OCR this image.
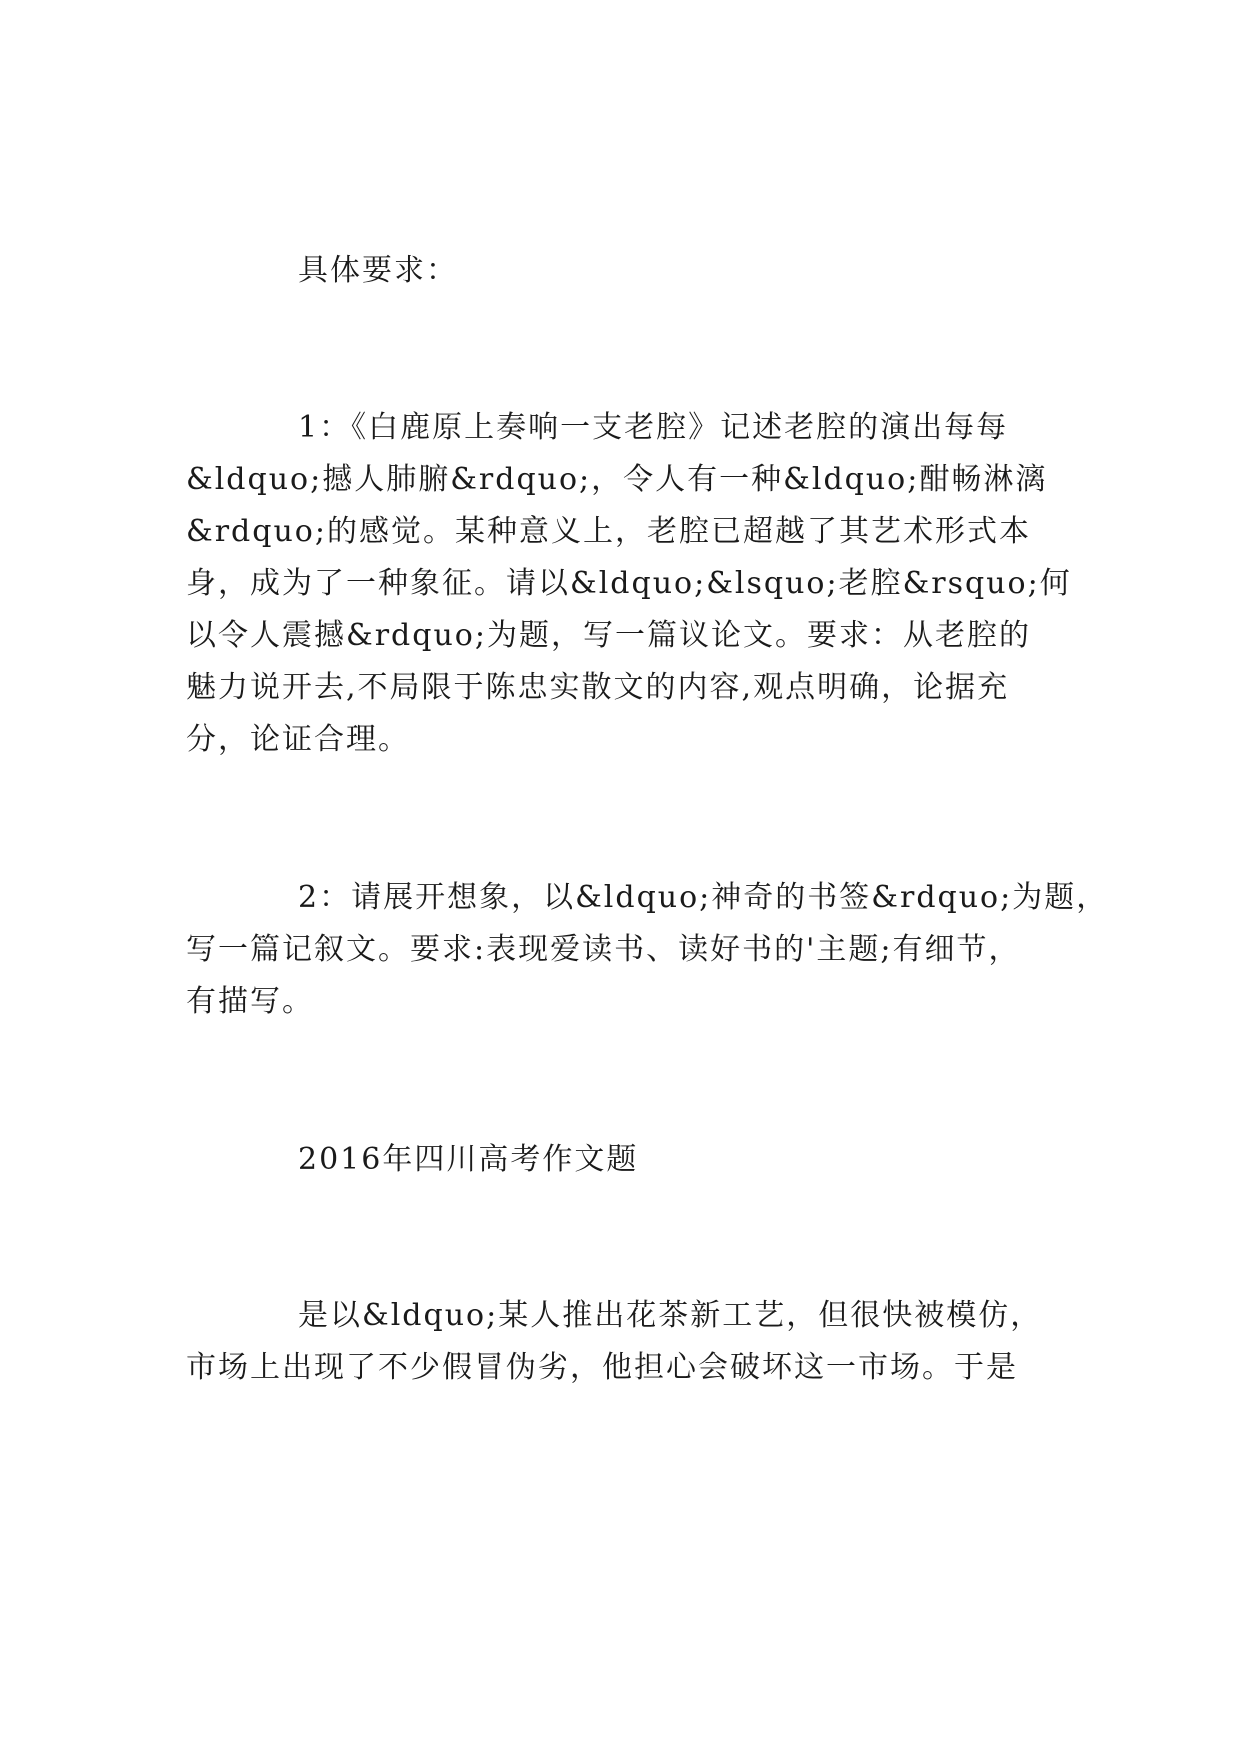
具体要求：
1：《白鹿原上奏响一支老腔》记述老腔的演出每每
&ldquo;撼人肺腑&rdquo;，令人有一种&ldquo;酣畅淋漓
&rdquo;的感觉。某种意义上，老腔已超越了其艺术形式本
身，成为了一种象征。请以&ldquo;&lsquo;老腔&rsquo;何
以令人震撼&rdquo;为题，写一篇议论文。要求：从老腔的
魅力说开去,不局限于陈忠实散文的内容,观点明确，论据充
分，论证合理。
2：请展开想象，以&ldquo;神奇的书签&rdquo;为题，
写一篇记叙文。要求:表现爱读书、读好书的'主题;有细节，
有描写。
2016年四川高考作文题
是以&ldquo;某人推出花茶新工艺，但很快被模仿，
市场上出现了不少假冒伪劣，他担心会破坏这一市场。于是
